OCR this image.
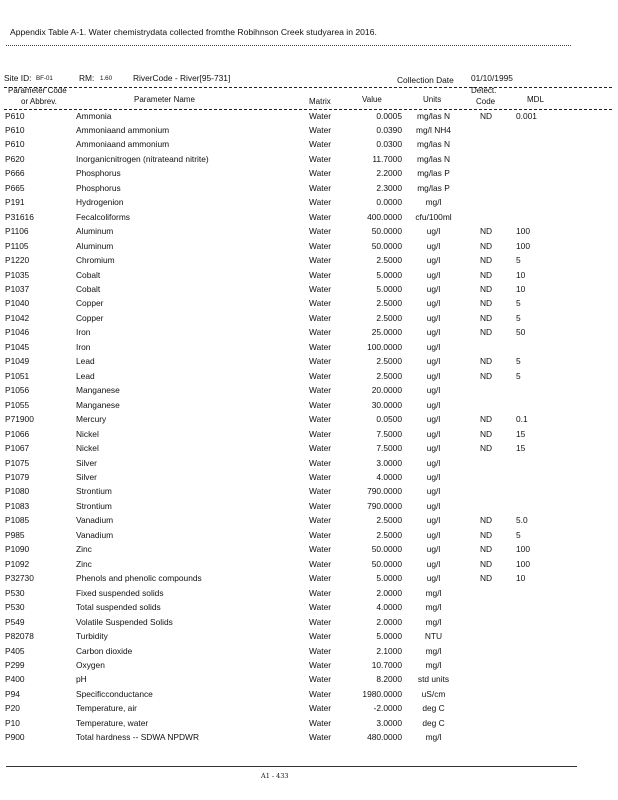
Appendix Table A-1. Water chemistrydata collected fromthe Robihnson Creek studyarea in 2016.
Site ID: BF-01	RM: 1.60 RiverCode - River[95-731]	Collection Date 01/10/1995
Parameter Code
or Abbrev.	Parameter Name	Matrix	Value	Units
Detect.
Code	MDL
P610	Ammonia	Water	0.0005	mg/las N	ND	0.001
P610	Ammoniaand ammonium	Water	0.0390	mg/l NH4
P610	Ammoniaand ammonium	Water	0.0300	mg/las N
P620	Inorganicnitrogen (nitrateand nitrite)	Water	11.7000	mg/las N
P666	Phosphorus	Water	2.2000	mg/las P
P665	Phosphorus	Water	2.3000	mg/las P
P191	Hydrogenion	Water	0.0000	mg/l
P31616	Fecalcoliforms	Water	400.0000	cfu/100ml
P1106	Aluminum	Water	50.0000	ug/l	ND	100
P1105	Aluminum	Water	50.0000	ug/l	ND	100
P1220	Chromium	Water	2.5000	ug/l	ND	5
P1035	Cobalt	Water	5.0000	ug/l	ND	10
P1037	Cobalt	Water	5.0000	ug/l	ND	10
P1040	Copper	Water	2.5000	ug/l	ND	5
P1042	Copper	Water	2.5000	ug/l	ND	5
P1046	Iron	Water	25.0000	ug/l	ND	50
P1045	Iron	Water	100.0000	ug/l
P1049	Lead	Water	2.5000	ug/l	ND	5
P1051	Lead	Water	2.5000	ug/l	ND	5
P1056	Manganese	Water	20.0000	ug/l
P1055	Manganese	Water	30.0000	ug/l
P71900	Mercury	Water	0.0500	ug/l	ND	0.1
P1066	Nickel	Water	7.5000	ug/l	ND	15
P1067	Nickel	Water	7.5000	ug/l	ND	15
P1075	Silver	Water	3.0000	ug/l
P1079	Silver	Water	4.0000	ug/l
P1080	Strontium	Water	790.0000	ug/l
P1083	Strontium	Water	790.0000	ug/l
P1085	Vanadium	Water	2.5000	ug/l	ND	5.0
P985	Vanadium	Water	2.5000	ug/l	ND	5
P1090	Zinc	Water	50.0000	ug/l	ND	100
P1092	Zinc	Water	50.0000	ug/l	ND	100
P32730	Phenols and phenolic compounds	Water	5.0000	ug/l	ND	10
P530	Fixed suspended solids	Water	2.0000	mg/l
P530	Total suspended solids	Water	4.0000	mg/l
P549	Volatile Suspended Solids	Water	2.0000	mg/l
P82078	Turbidity	Water	5.0000	NTU
P405	Carbon dioxide	Water	2.1000	mg/l
P299	Oxygen	Water	10.7000	mg/l
P400	pH	Water	8.2000	std units
P94	Specificconductance	Water	1980.0000	uS/cm
P20	Temperature, air	Water	-2.0000	deg C
P10	Temperature, water	Water	3.0000	deg C
P900	Total hardness -- SDWA NPDWR	Water	480.0000	mg/l
A1 - 433
